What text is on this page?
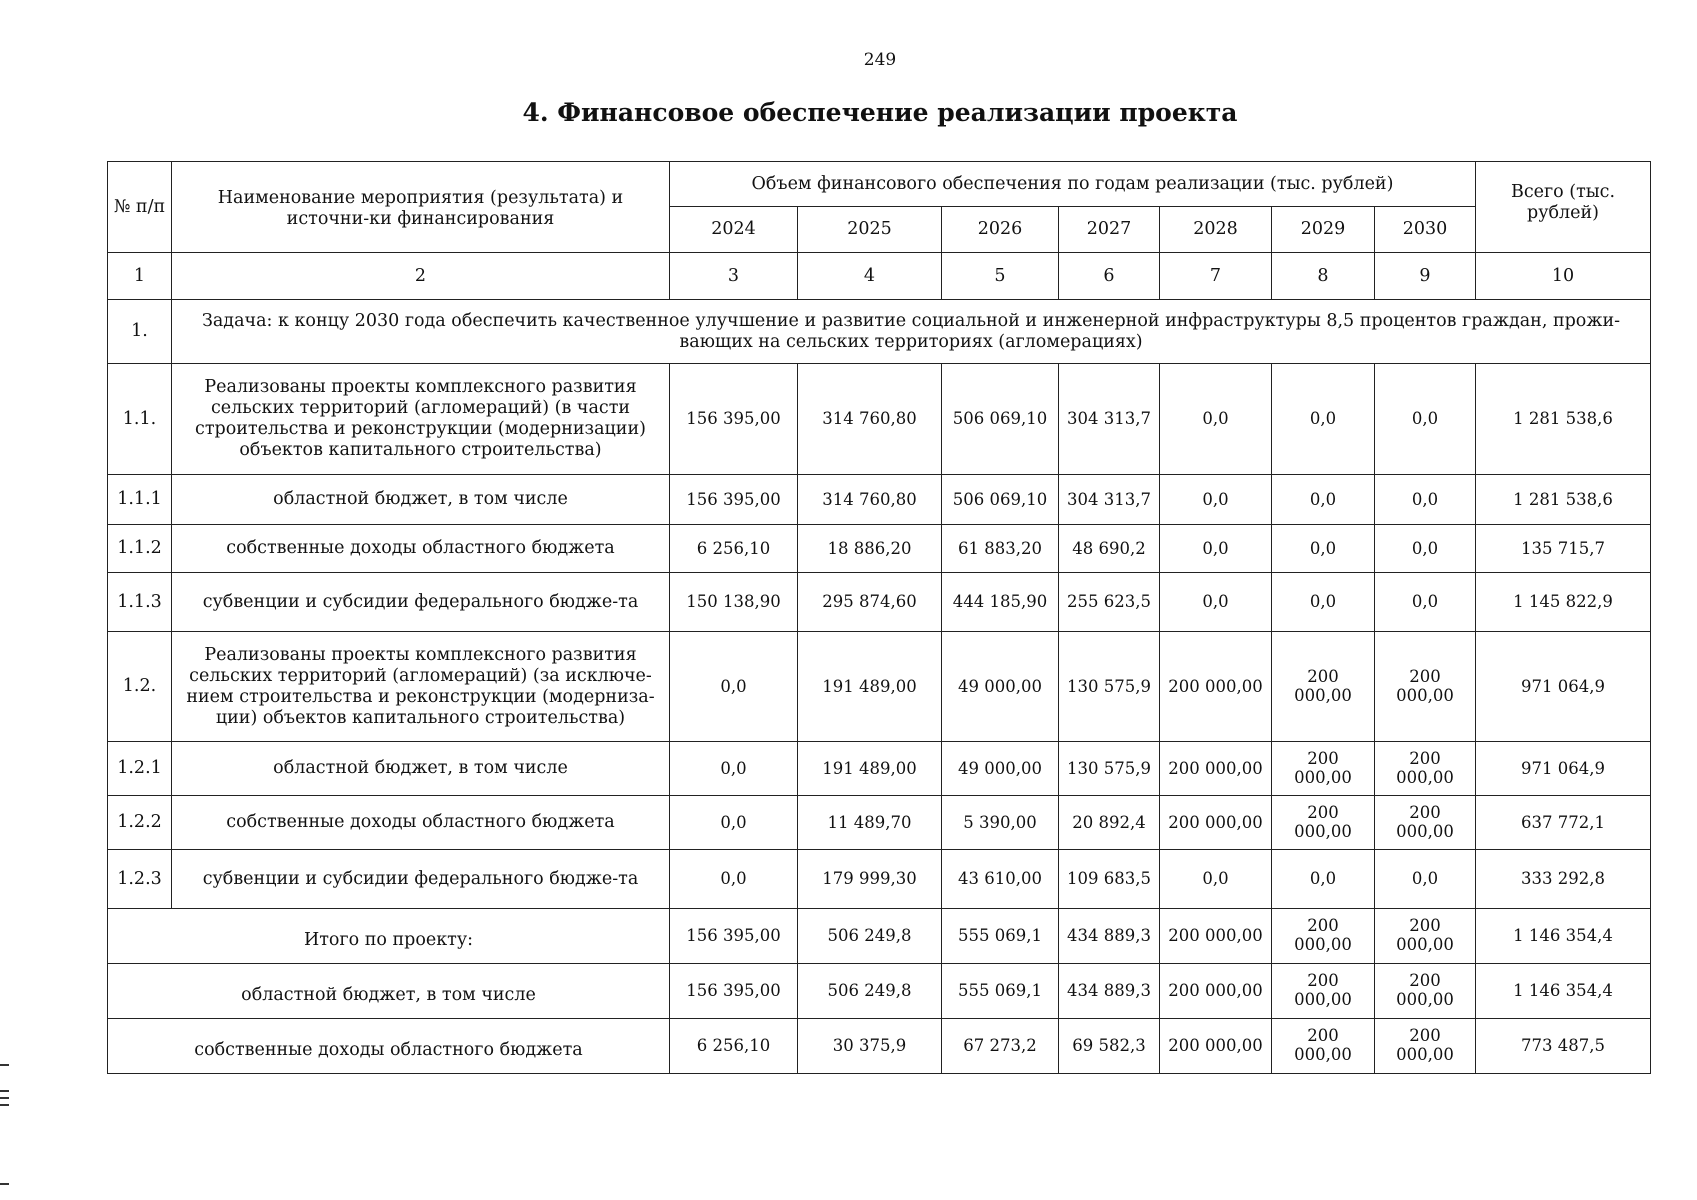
249
4. Финансовое обеспечение реализации проекта
№ п/п	Наименование мероприятия (результата) и источни-ки финансирования	Объем финансового обеспечения по годам реализации (тыс. рублей)							Всего (тыс. рублей)
		2024	2025	2026	2027	2028	2029	2030	
1	2	3	4	5	6	7	8	9	10
1.	Задача: к концу 2030 года обеспечить качественное улучшение и развитие социальной и инженерной инфраструктуры 8,5 процентов граждан, прожи-вающих на сельских территориях (агломерациях)								
1.1.	Реализованы проекты комплексного развития сельских территорий (агломераций) (в части строительства и реконструкции (модернизации) объектов капитального строительства)	156 395,00	314 760,80	506 069,10	304 313,7	0,0	0,0	0,0	1 281 538,6
1.1.1	областной бюджет, в том числе	156 395,00	314 760,80	506 069,10	304 313,7	0,0	0,0	0,0	1 281 538,6
1.1.2	собственные доходы областного бюджета	6 256,10	18 886,20	61 883,20	48 690,2	0,0	0,0	0,0	135 715,7
1.1.3	субвенции и субсидии федерального бюдже-та	150 138,90	295 874,60	444 185,90	255 623,5	0,0	0,0	0,0	1 145 822,9
1.2.	Реализованы проекты комплексного развития сельских территорий (агломераций) (за исключе-нием строительства и реконструкции (модерниза-ции) объектов капитального строительства)	0,0	191 489,00	49 000,00	130 575,9	200 000,00	200 000,00	200 000,00	971 064,9
1.2.1	областной бюджет, в том числе	0,0	191 489,00	49 000,00	130 575,9	200 000,00	200 000,00	200 000,00	971 064,9
1.2.2	собственные доходы областного бюджета	0,0	11 489,70	5 390,00	20 892,4	200 000,00	200 000,00	200 000,00	637 772,1
1.2.3	субвенции и субсидии федерального бюдже-та	0,0	179 999,30	43 610,00	109 683,5	0,0	0,0	0,0	333 292,8
Итого по проекту:		156 395,00	506 249,8	555 069,1	434 889,3	200 000,00	200 000,00	200 000,00	1 146 354,4
областной бюджет, в том числе		156 395,00	506 249,8	555 069,1	434 889,3	200 000,00	200 000,00	200 000,00	1 146 354,4
собственные доходы областного бюджета		6 256,10	30 375,9	67 273,2	69 582,3	200 000,00	200 000,00	200 000,00	773 487,5
